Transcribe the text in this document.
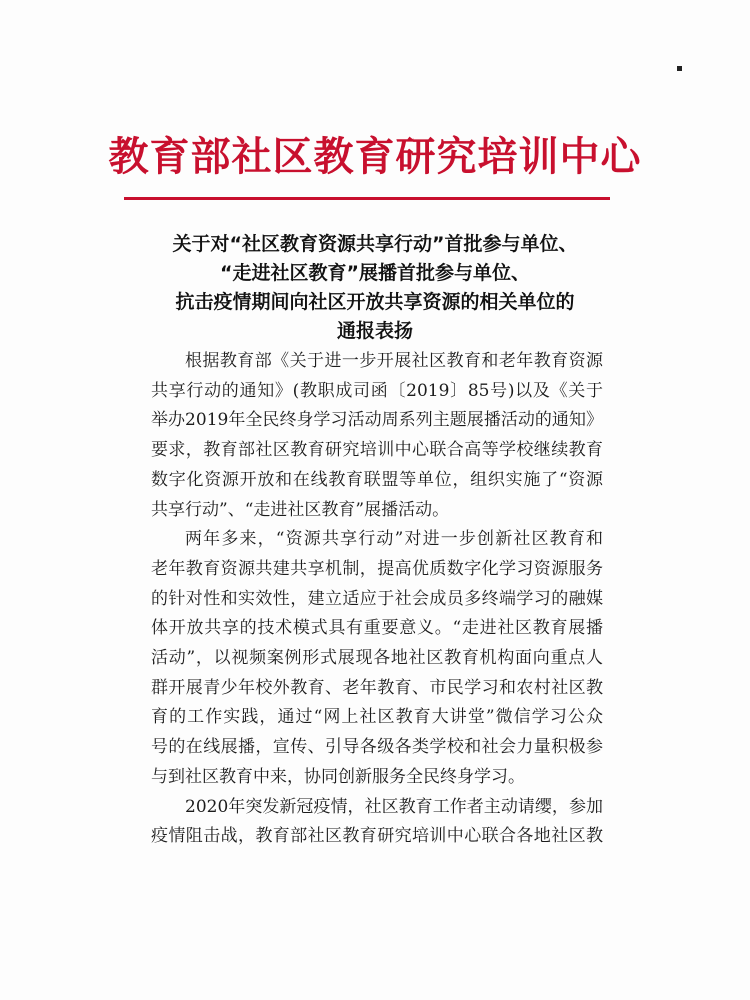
教育部社区教育研究培训中心
关于对“社区教育资源共享行动”首批参与单位、
“走进社区教育”展播首批参与单位、
抗击疫情期间向社区开放共享资源的相关单位的
通报表扬
根据教育部《关于进一步开展社区教育和老年教育资源
共享行动的通知》(教职成司函〔2019〕85号)以及《关于
举办2019年全民终身学习活动周系列主题展播活动的通知》
要求，教育部社区教育研究培训中心联合高等学校继续教育
数字化资源开放和在线教育联盟等单位，组织实施了“资源
共享行动”、“走进社区教育”展播活动。
两年多来，“资源共享行动”对进一步创新社区教育和
老年教育资源共建共享机制，提高优质数字化学习资源服务
的针对性和实效性，建立适应于社会成员多终端学习的融媒
体开放共享的技术模式具有重要意义。“走进社区教育展播
活动”，以视频案例形式展现各地社区教育机构面向重点人
群开展青少年校外教育、老年教育、市民学习和农村社区教
育的工作实践，通过“网上社区教育大讲堂”微信学习公众
号的在线展播，宣传、引导各级各类学校和社会力量积极参
与到社区教育中来，协同创新服务全民终身学习。
2020年突发新冠疫情，社区教育工作者主动请缨，参加
疫情阻击战，教育部社区教育研究培训中心联合各地社区教
